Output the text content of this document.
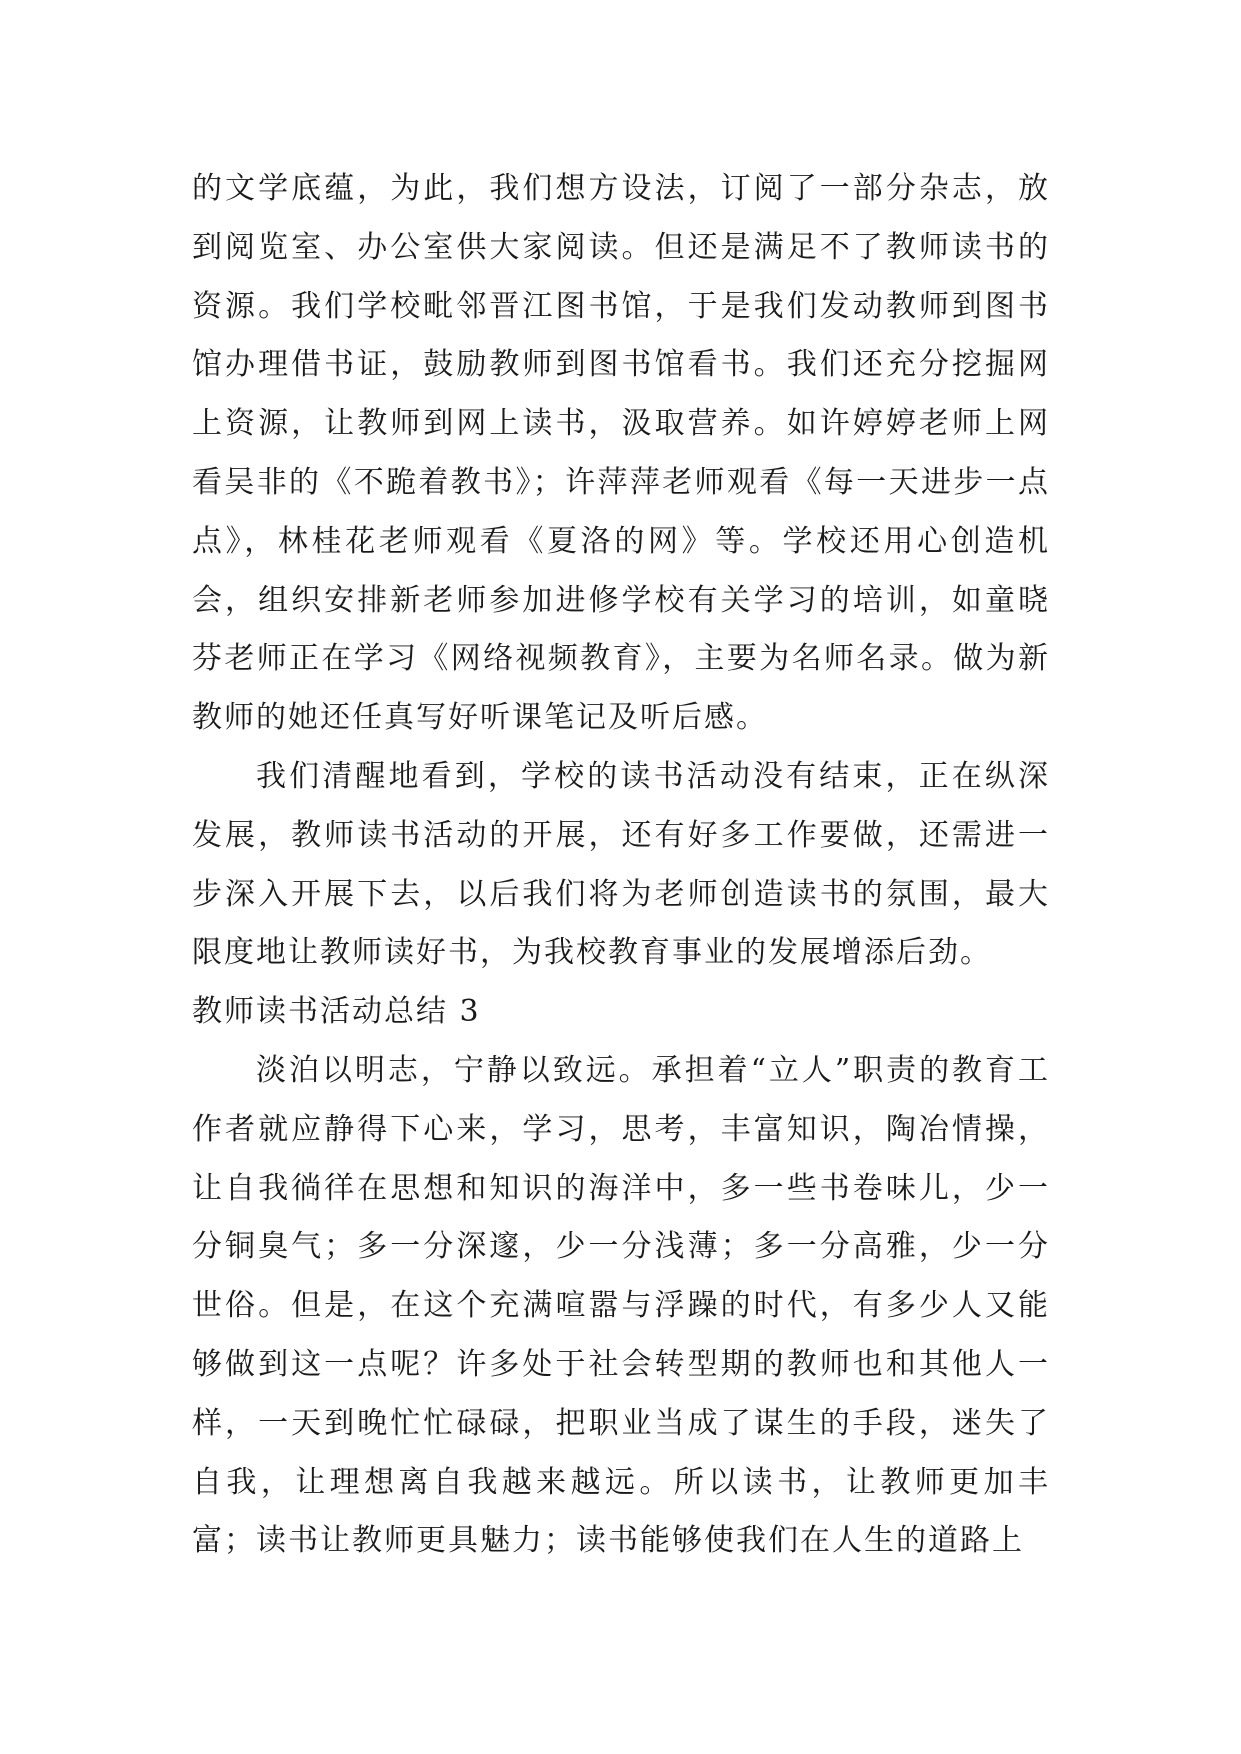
的文学底蕴，为此，我们想方设法，订阅了一部分杂志，放到阅览室、办公室供大家阅读。但还是满足不了教师读书的资源。我们学校毗邻晋江图书馆，于是我们发动教师到图书馆办理借书证，鼓励教师到图书馆看书。我们还充分挖掘网上资源，让教师到网上读书，汲取营养。如许婷婷老师上网看吴非的《不跪着教书》；许萍萍老师观看《每一天进步一点点》，林桂花老师观看《夏洛的网》等。学校还用心创造机会，组织安排新老师参加进修学校有关学习的培训，如童晓芬老师正在学习《网络视频教育》，主要为名师名录。做为新教师的她还任真写好听课笔记及听后感。

我们清醒地看到，学校的读书活动没有结束，正在纵深发展，教师读书活动的开展，还有好多工作要做，还需进一步深入开展下去，以后我们将为老师创造读书的氛围，最大限度地让教师读好书，为我校教育事业的发展增添后劲。

教师读书活动总结 3

淡泊以明志，宁静以致远。承担着“立人”职责的教育工作者就应静得下心来，学习，思考，丰富知识，陶冶情操，让自我徜徉在思想和知识的海洋中，多一些书卷味儿，少一分铜臭气；多一分深邃，少一分浅薄；多一分高雅，少一分世俗。但是，在这个充满喧嚣与浮躁的时代，有多少人又能够做到这一点呢？许多处于社会转型期的教师也和其他人一样，一天到晚忙忙碌碌，把职业当成了谋生的手段，迷失了自我，让理想离自我越来越远。所以读书，让教师更加丰富；读书让教师更具魅力；读书能够使我们在人生的道路上
